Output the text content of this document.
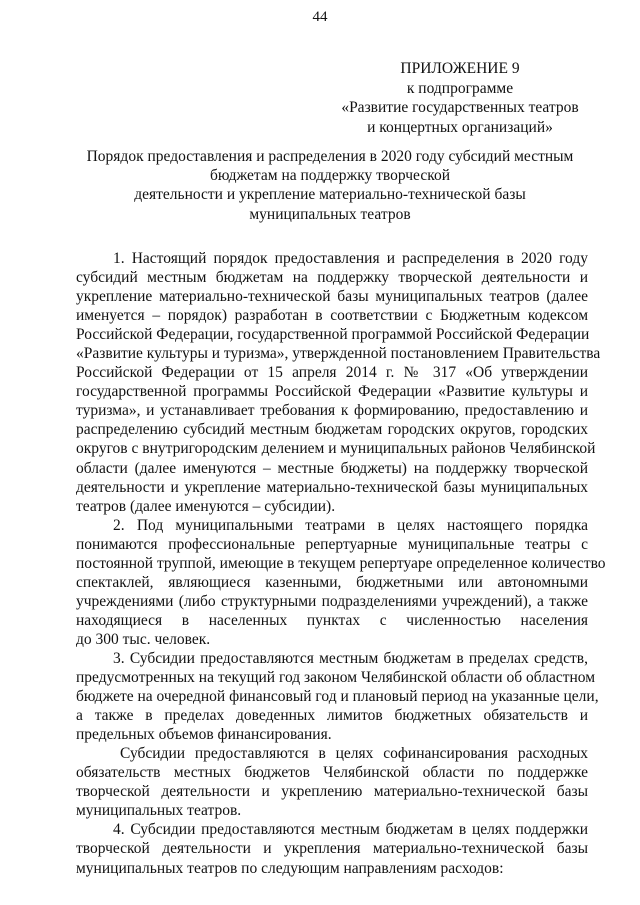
44
ПРИЛОЖЕНИЕ 9
к подпрограмме
«Развитие государственных театров
и концертных организаций»
Порядок предоставления и распределения в 2020 году субсидий местным
бюджетам на поддержку творческой
деятельности и укрепление материально-технической базы
муниципальных театров
1. Настоящий порядок предоставления и распределения в 2020 году
субсидий местным бюджетам на поддержку творческой деятельности и
укрепление материально-технической базы муниципальных театров (далее
именуется – порядок) разработан в соответствии с Бюджетным кодексом
Российской Федерации, государственной программой Российской Федерации
«Развитие культуры и туризма», утвержденной постановлением Правительства
Российской Федерации от 15 апреля 2014 г. № 317 «Об утверждении
государственной программы Российской Федерации «Развитие культуры и
туризма», и устанавливает требования к формированию, предоставлению и
распределению субсидий местным бюджетам городских округов, городских
округов с внутригородским делением и муниципальных районов Челябинской
области (далее именуются – местные бюджеты) на поддержку творческой
деятельности и укрепление материально-технической базы муниципальных
театров (далее именуются – субсидии).
2. Под муниципальными театрами в целях настоящего порядка
понимаются профессиональные репертуарные муниципальные театры с
постоянной труппой, имеющие в текущем репертуаре определенное количество
спектаклей, являющиеся казенными, бюджетными или автономными
учреждениями (либо структурными подразделениями учреждений), а также
находящиеся в населенных пунктах с численностью населения
до 300 тыс. человек.
3. Субсидии предоставляются местным бюджетам в пределах средств,
предусмотренных на текущий год законом Челябинской области об областном
бюджете на очередной финансовый год и плановый период на указанные цели,
а также в пределах доведенных лимитов бюджетных обязательств и
предельных объемов финансирования.
Субсидии предоставляются в целях софинансирования расходных
обязательств местных бюджетов Челябинской области по поддержке
творческой деятельности и укреплению материально-технической базы
муниципальных театров.
4. Субсидии предоставляются местным бюджетам в целях поддержки
творческой деятельности и укрепления материально-технической базы
муниципальных театров по следующим направлениям расходов:
